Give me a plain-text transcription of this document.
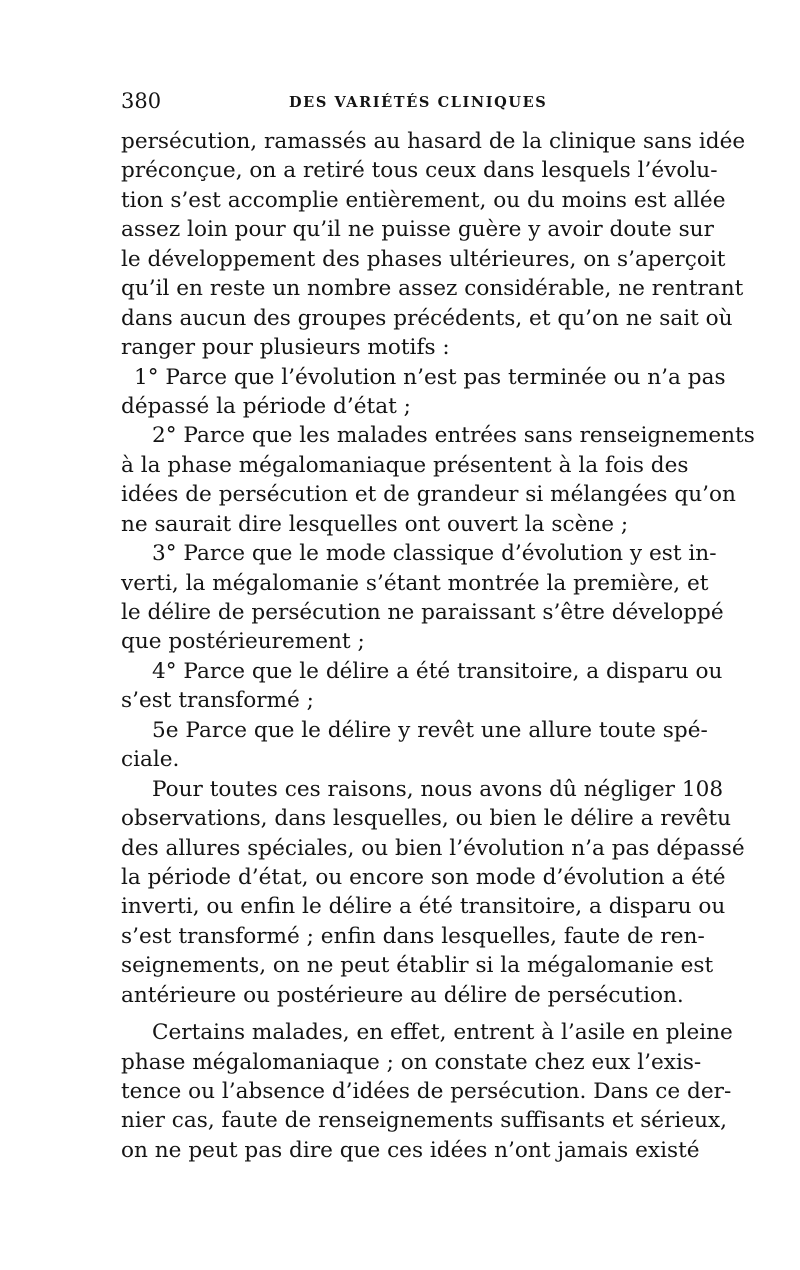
380	DES VARIÉTÉS CLINIQUES
persécution, ramassés au hasard de la clinique sans idée
préconçue, on a retiré tous ceux dans lesquels l’évolu-
tion s’est accomplie entièrement, ou du moins est allée
assez loin pour qu’il ne puisse guère y avoir doute sur
le développement des phases ultérieures, on s’aperçoit
qu’il en reste un nombre assez considérable, ne rentrant
dans aucun des groupes précédents, et qu’on ne sait où
ranger pour plusieurs motifs :
1° Parce que l’évolution n’est pas terminée ou n’a pas
dépassé la période d’état ;
2° Parce que les malades entrées sans renseignements
à la phase mégalomaniaque présentent à la fois des
idées de persécution et de grandeur si mélangées qu’on
ne saurait dire lesquelles ont ouvert la scène ;
3° Parce que le mode classique d’évolution y est in-
verti, la mégalomanie s’étant montrée la première, et
le délire de persécution ne paraissant s’être développé
que postérieurement ;
4° Parce que le délire a été transitoire, a disparu ou
s’est transformé ;
5e Parce que le délire y revêt une allure toute spé-
ciale.
Pour toutes ces raisons, nous avons dû négliger 108
observations, dans lesquelles, ou bien le délire a revêtu
des allures spéciales, ou bien l’évolution n’a pas dépassé
la période d’état, ou encore son mode d’évolution a été
inverti, ou enfin le délire a été transitoire, a disparu ou
s’est transformé ; enfin dans lesquelles, faute de ren-
seignements, on ne peut établir si la mégalomanie est
antérieure ou postérieure au délire de persécution.
Certains malades, en effet, entrent à l’asile en pleine
phase mégalomaniaque ; on constate chez eux l’exis-
tence ou l’absence d’idées de persécution. Dans ce der-
nier cas, faute de renseignements suffisants et sérieux,
on ne peut pas dire que ces idées n’ont jamais existé
